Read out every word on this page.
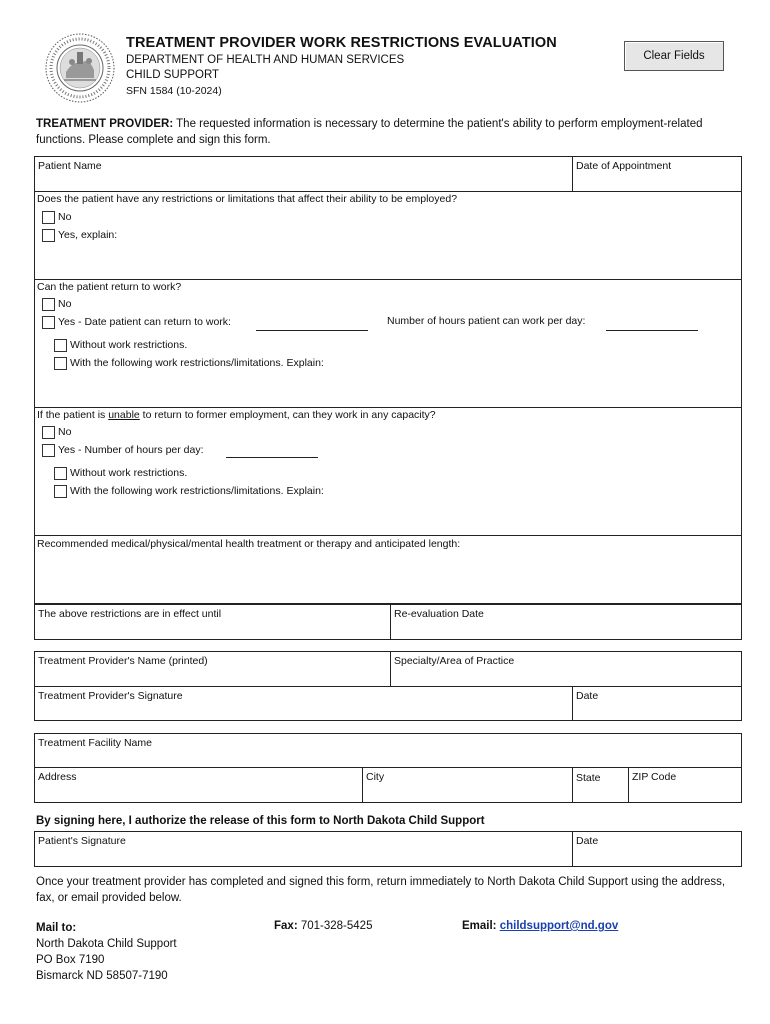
TREATMENT PROVIDER WORK RESTRICTIONS EVALUATION
DEPARTMENT OF HEALTH AND HUMAN SERVICES
CHILD SUPPORT
SFN 1584 (10-2024)
Clear Fields
TREATMENT PROVIDER: The requested information is necessary to determine the patient's ability to perform employment-related functions. Please complete and sign this form.
Patient Name	Date of Appointment
Does the patient have any restrictions or limitations that affect their ability to be employed?
No
Yes, explain:
Can the patient return to work?
No
Yes - Date patient can return to work:	Number of hours patient can work per day:
Without work restrictions.
With the following work restrictions/limitations. Explain:
If the patient is unable to return to former employment, can they work in any capacity?
No
Yes - Number of hours per day:
Without work restrictions.
With the following work restrictions/limitations. Explain:
Recommended medical/physical/mental health treatment or therapy and anticipated length:
The above restrictions are in effect until	Re-evaluation Date
Treatment Provider's Name (printed)	Specialty/Area of Practice
Treatment Provider's Signature	Date
Treatment Facility Name
Address	City	State	ZIP Code
By signing here, I authorize the release of this form to North Dakota Child Support
Patient's Signature	Date
Once your treatment provider has completed and signed this form, return immediately to North Dakota Child Support using the address, fax, or email provided below.
Mail to:
North Dakota Child Support
PO Box 7190
Bismarck ND 58507-7190
Fax: 701-328-5425	Email: childsupport@nd.gov
